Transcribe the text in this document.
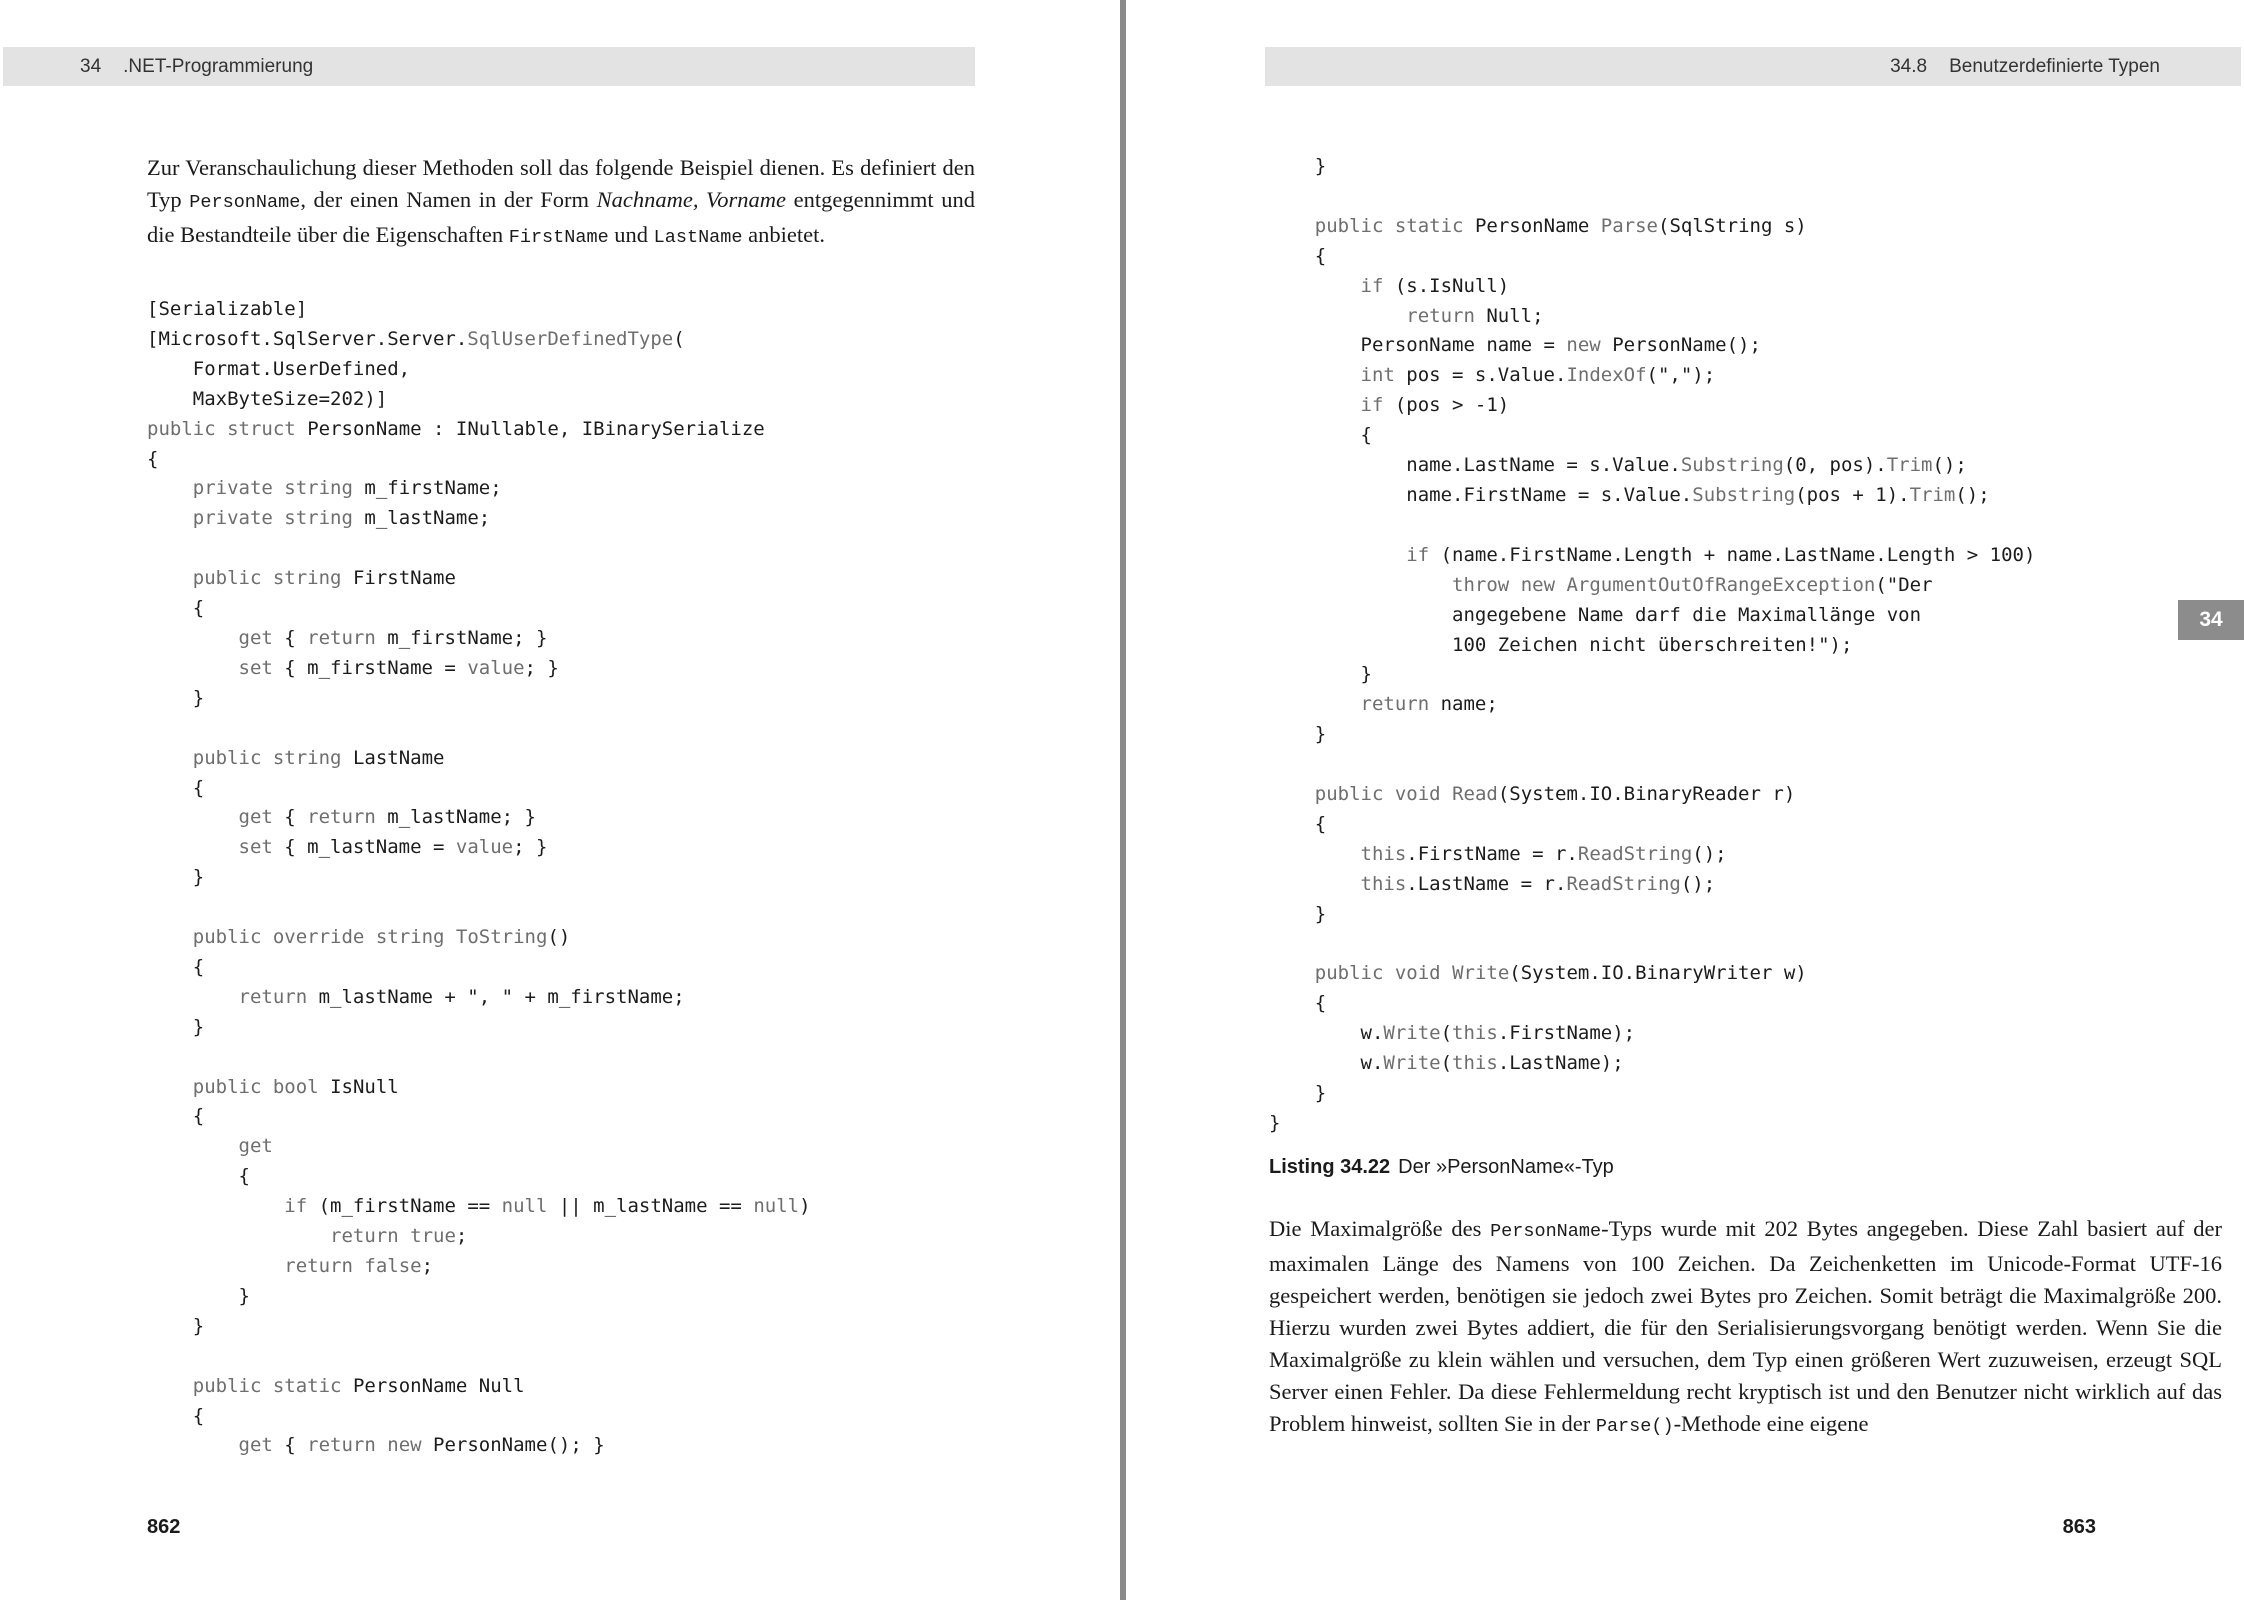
34 .NET-Programmierung
Zur Veranschaulichung dieser Methoden soll das folgende Beispiel dienen. Es definiert den Typ PersonName, der einen Namen in der Form Nachname, Vorname entgegennimmt und die Bestandteile über die Eigenschaften FirstName und LastName anbietet.
[Serializable]
[Microsoft.SqlServer.Server.SqlUserDefinedType(
Format.UserDefined,
MaxByteSize=202)]
public struct PersonName : INullable, IBinarySerialize
{
private string m_firstName;
private string m_lastName;
public string FirstName
{
get { return m_firstName; }
set { m_firstName = value; }
}
public string LastName
{
get { return m_lastName; }
set { m_lastName = value; }
}
public override string ToString()
{
return m_lastName + ", " + m_firstName;
}
public bool IsNull
{
get
{
if (m_firstName == null || m_lastName == null)
return true;
return false;
}
}
public static PersonName Null
{
get { return new PersonName(); }
862
34.8 Benutzerdefinierte Typen
}
public static PersonName Parse(SqlString s)
{
if (s.IsNull)
return Null;
PersonName name = new PersonName();
int pos = s.Value.IndexOf(",");
if (pos > -1)
{
name.LastName = s.Value.Substring(0, pos).Trim();
name.FirstName = s.Value.Substring(pos + 1).Trim();
if (name.FirstName.Length + name.LastName.Length > 100)
throw new ArgumentOutOfRangeException("Der
angegebene Name darf die Maximallänge von
100 Zeichen nicht überschreiten!");
}
return name;
}
public void Read(System.IO.BinaryReader r)
{
this.FirstName = r.ReadString();
this.LastName = r.ReadString();
}
public void Write(System.IO.BinaryWriter w)
{
w.Write(this.FirstName);
w.Write(this.LastName);
}
}
Listing 34.22 Der »PersonName«-Typ
Die Maximalgröße des PersonName-Typs wurde mit 202 Bytes angegeben. Diese Zahl basiert auf der maximalen Länge des Namens von 100 Zeichen. Da Zeichenketten im Unicode-Format UTF-16 gespeichert werden, benötigen sie jedoch zwei Bytes pro Zeichen. Somit beträgt die Maximalgröße 200. Hierzu wurden zwei Bytes addiert, die für den Serialisierungsvorgang benötigt werden. Wenn Sie die Maximalgröße zu klein wählen und versuchen, dem Typ einen größeren Wert zuzuweisen, erzeugt SQL Server einen Fehler. Da diese Fehlermeldung recht kryptisch ist und den Benutzer nicht wirklich auf das Problem hinweist, sollten Sie in der Parse()-Methode eine eigene
863
34
